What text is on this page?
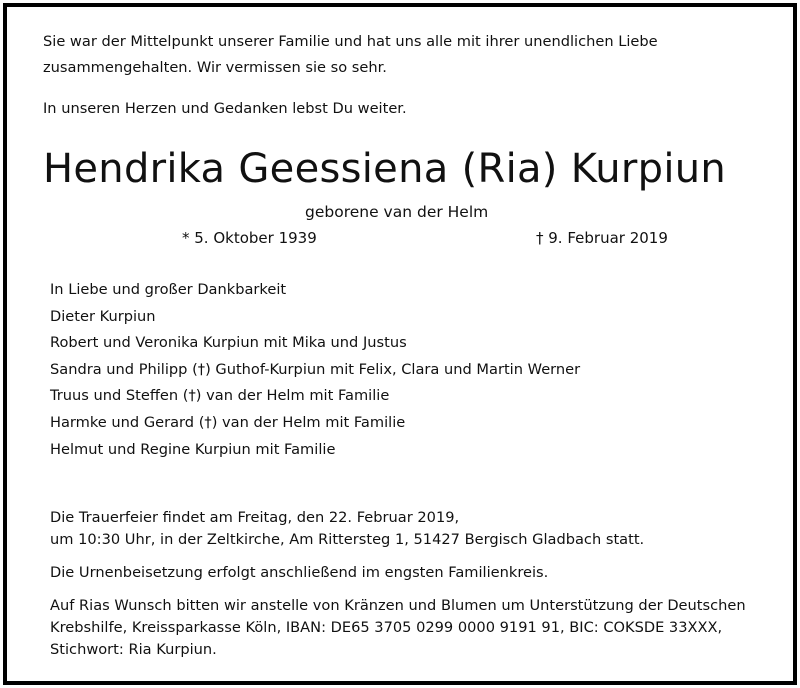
Sie war der Mittelpunkt unserer Familie und hat uns alle mit ihrer unendlichen Liebe
zusammengehalten. Wir vermissen sie so sehr.
In unseren Herzen und Gedanken lebst Du weiter.
Hendrika Geessiena (Ria) Kurpiun
geborene van der Helm
* 5. Oktober 1939	† 9. Februar 2019
In Liebe und großer Dankbarkeit
Dieter Kurpiun
Robert und Veronika Kurpiun mit Mika und Justus
Sandra und Philipp (†) Guthof-Kurpiun mit Felix, Clara und Martin Werner
Truus und Steffen (†) van der Helm mit Familie
Harmke und Gerard (†) van der Helm mit Familie
Helmut und Regine Kurpiun mit Familie
Die Trauerfeier findet am Freitag, den 22. Februar 2019,
um 10:30 Uhr, in der Zeltkirche, Am Rittersteg 1, 51427 Bergisch Gladbach statt.
Die Urnenbeisetzung erfolgt anschließend im engsten Familienkreis.
Auf Rias Wunsch bitten wir anstelle von Kränzen und Blumen um Unterstützung der Deutschen
Krebshilfe, Kreissparkasse Köln, IBAN: DE65 3705 0299 0000 9191 91, BIC: COKSDE 33XXX,
Stichwort: Ria Kurpiun.
